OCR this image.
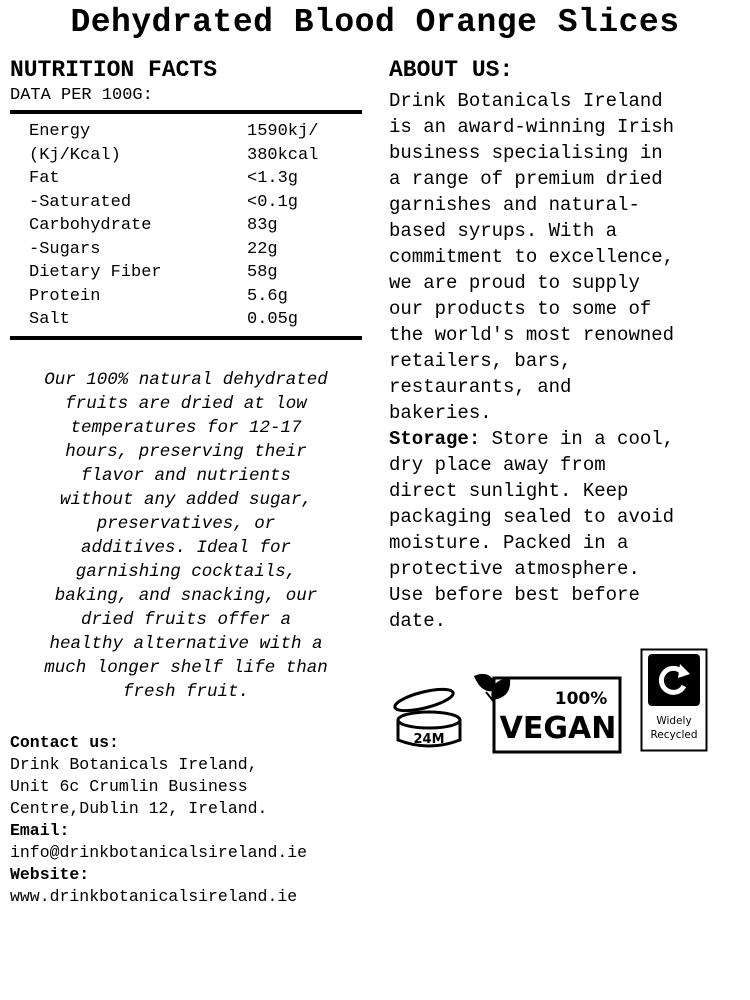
Dehydrated Blood Orange Slices
NUTRITION FACTS
DATA PER 100G:
Energy	1590kj/
(Kj/Kcal)	380kcal
Fat	<1.3g
-Saturated	<0.1g
Carbohydrate	83g
-Sugars	22g
Dietary Fiber	58g
Protein	5.6g
Salt	0.05g
Our 100% natural dehydrated
fruits are dried at low
temperatures for 12-17
hours, preserving their
flavor and nutrients
without any added sugar,
preservatives, or
additives. Ideal for
garnishing cocktails,
baking, and snacking, our
dried fruits offer a
healthy alternative with a
much longer shelf life than
fresh fruit.
Contact us:
Drink Botanicals Ireland,
Unit 6c Crumlin Business
Centre,Dublin 12, Ireland.
Email:
info@drinkbotanicalsireland.ie
Website:
www.drinkbotanicalsireland.ie
ABOUT US:

Drink Botanicals Ireland
is an award-winning Irish
business specialising in
a range of premium dried
garnishes and natural-
based syrups. With a
commitment to excellence,
we are proud to supply
our products to some of
the world's most renowned
retailers, bars,
restaurants, and
bakeries.

Storage: Store in a cool,
dry place away from
direct sunlight. Keep
packaging sealed to avoid
moisture. Packed in a
protective atmosphere.
Use before best before
date.

24M
100%
VEGAN	Widely
Recycled
